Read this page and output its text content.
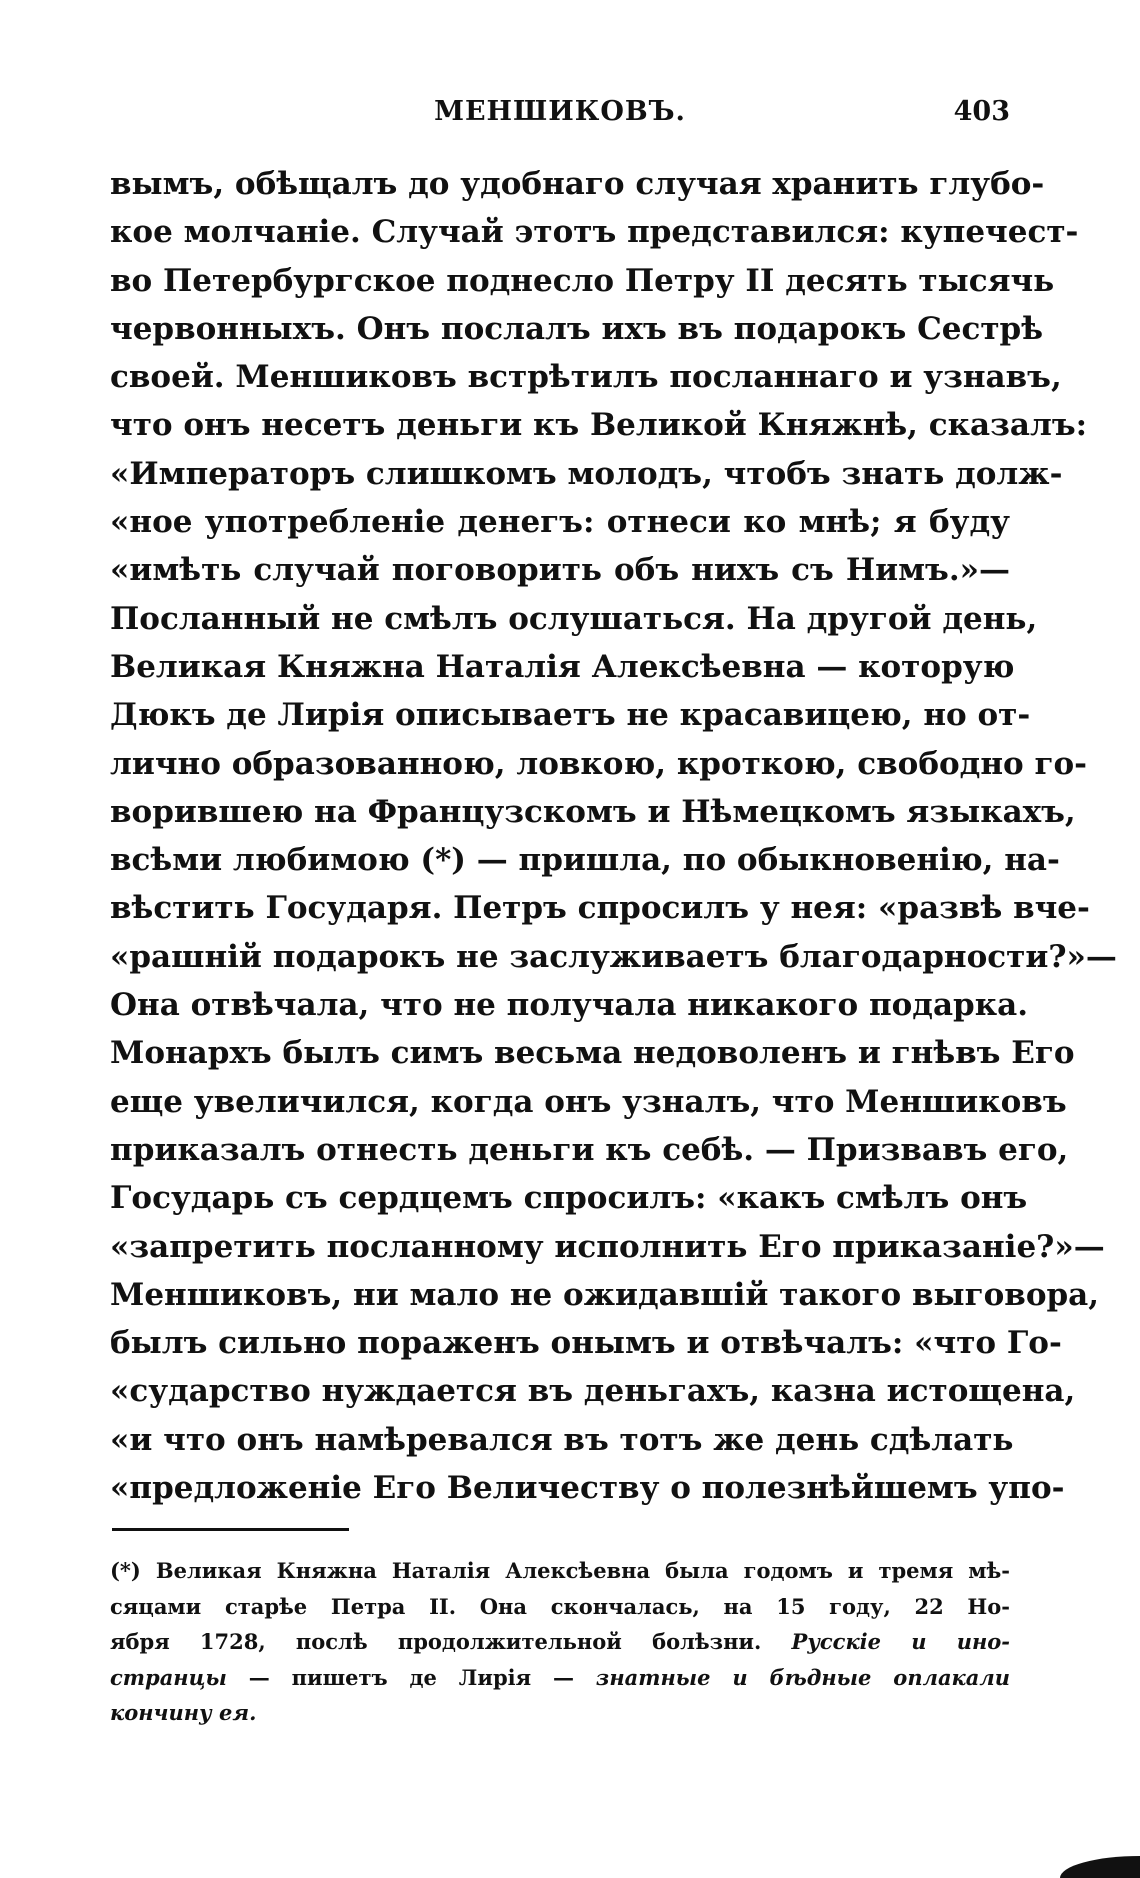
МЕНШИКОВЪ.	403
вымъ, обѣщалъ до удобнаго случая хранить глубо-
кое молчаніе. Случай этотъ представился: купечест-
во Петербургское поднесло Петру II десять тысячь
червонныхъ. Онъ послалъ ихъ въ подарокъ Сестрѣ
своей. Меншиковъ встрѣтилъ посланнаго и узнавъ,
что онъ несетъ деньги къ Великой Княжнѣ, сказалъ:
«Императоръ слишкомъ молодъ, чтобъ знать долж-
«ное употребленіе денегъ: отнеси ко мнѣ; я буду
«имѣть случай поговорить объ нихъ съ Нимъ.»—
Посланный не смѣлъ ослушаться. На другой день,
Великая Княжна Наталія Алексѣевна — которую
Дюкъ де Лирія описываетъ не красавицею, но от-
лично образованною, ловкою, кроткою, свободно го-
ворившею на Французскомъ и Нѣмецкомъ языкахъ,
всѣми любимою (*) — пришла, по обыкновенію, на-
вѣстить Государя. Петръ спросилъ у нея: «развѣ вче-
«рашній подарокъ не заслуживаетъ благодарности?»—
Она отвѣчала, что не получала никакого подарка.
Монархъ былъ симъ весьма недоволенъ и гнѣвъ Его
еще увеличился, когда онъ узналъ, что Меншиковъ
приказалъ отнесть деньги къ себѣ. — Призвавъ его,
Государь съ сердцемъ спросилъ: «какъ смѣлъ онъ
«запретить посланному исполнить Его приказаніе?»—
Меншиковъ, ни мало не ожидавшій такого выговора,
былъ сильно пораженъ онымъ и отвѣчалъ: «что Го-
«сударство нуждается въ деньгахъ, казна истощена,
«и что онъ намѣревался въ тотъ же день сдѣлать
«предложеніе Его Величеству о полезнѣйшемъ упо-
(*) Великая Княжна Наталія Алексѣевна была годомъ и тремя мѣ-
сяцами старѣе Петра II. Она скончалась, на 15 году, 22 Но-
ября 1728, послѣ продолжительной болѣзни. Русскіе и ино-
странцы — пишетъ де Лирія — знатные и бѣдные оплакали
кончину ея.
